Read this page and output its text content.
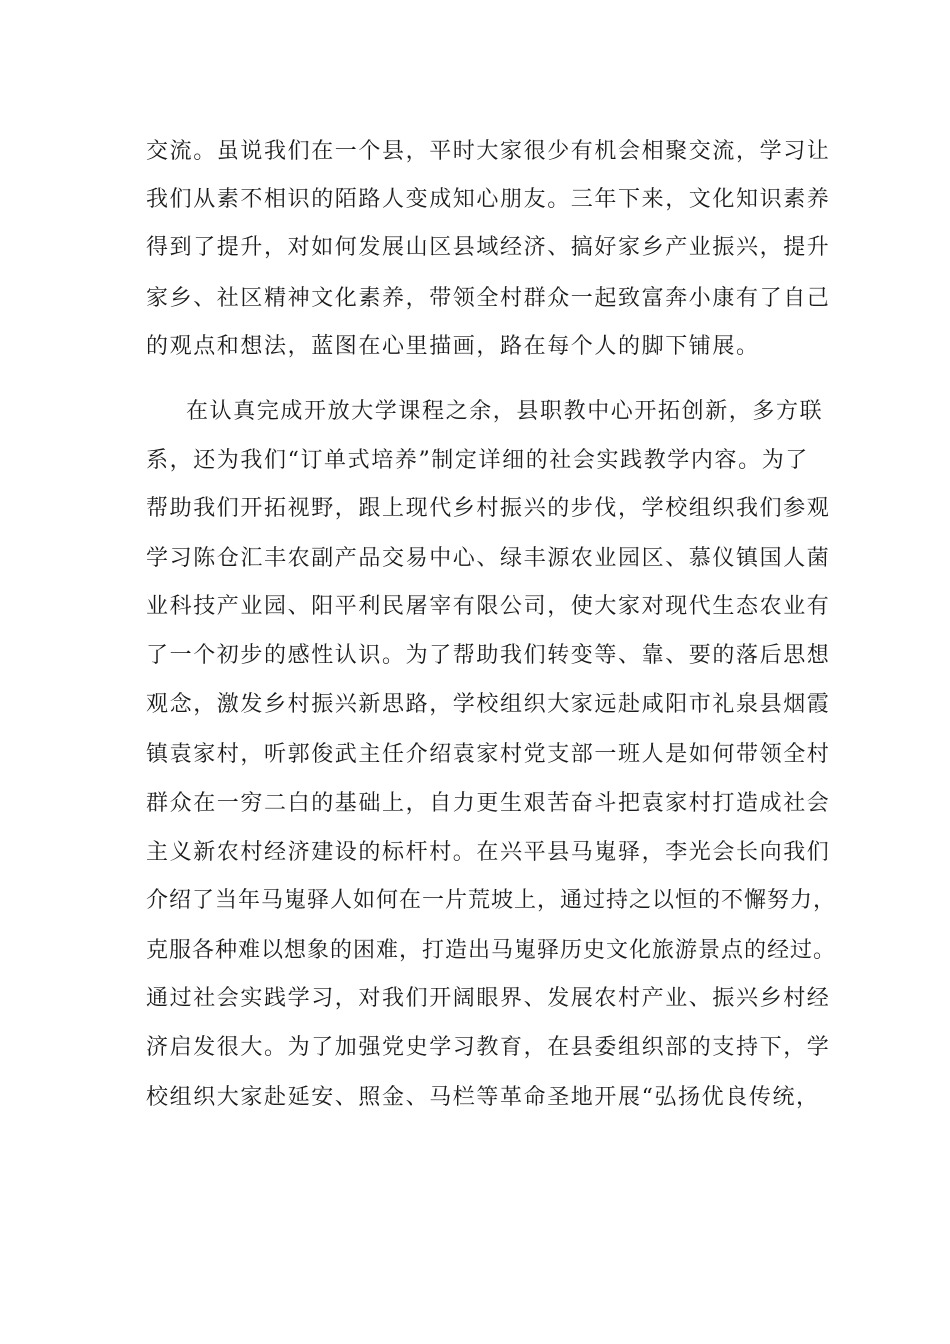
交流。虽说我们在一个县，平时大家很少有机会相聚交流，学习让
我们从素不相识的陌路人变成知心朋友。三年下来，文化知识素养
得到了提升，对如何发展山区县域经济、搞好家乡产业振兴，提升
家乡、社区精神文化素养，带领全村群众一起致富奔小康有了自己
的观点和想法，蓝图在心里描画，路在每个人的脚下铺展。
在认真完成开放大学课程之余，县职教中心开拓创新，多方联
系，还为我们“订单式培养”制定详细的社会实践教学内容。为了
帮助我们开拓视野，跟上现代乡村振兴的步伐，学校组织我们参观
学习陈仓汇丰农副产品交易中心、绿丰源农业园区、慕仪镇国人菌
业科技产业园、阳平利民屠宰有限公司，使大家对现代生态农业有
了一个初步的感性认识。为了帮助我们转变等、靠、要的落后思想
观念，激发乡村振兴新思路，学校组织大家远赴咸阳市礼泉县烟霞
镇袁家村，听郭俊武主任介绍袁家村党支部一班人是如何带领全村
群众在一穷二白的基础上，自力更生艰苦奋斗把袁家村打造成社会
主义新农村经济建设的标杆村。在兴平县马嵬驿，李光会长向我们
介绍了当年马嵬驿人如何在一片荒坡上，通过持之以恒的不懈努力，
克服各种难以想象的困难，打造出马嵬驿历史文化旅游景点的经过。
通过社会实践学习，对我们开阔眼界、发展农村产业、振兴乡村经
济启发很大。为了加强党史学习教育，在县委组织部的支持下，学
校组织大家赴延安、照金、马栏等革命圣地开展“弘扬优良传统，
